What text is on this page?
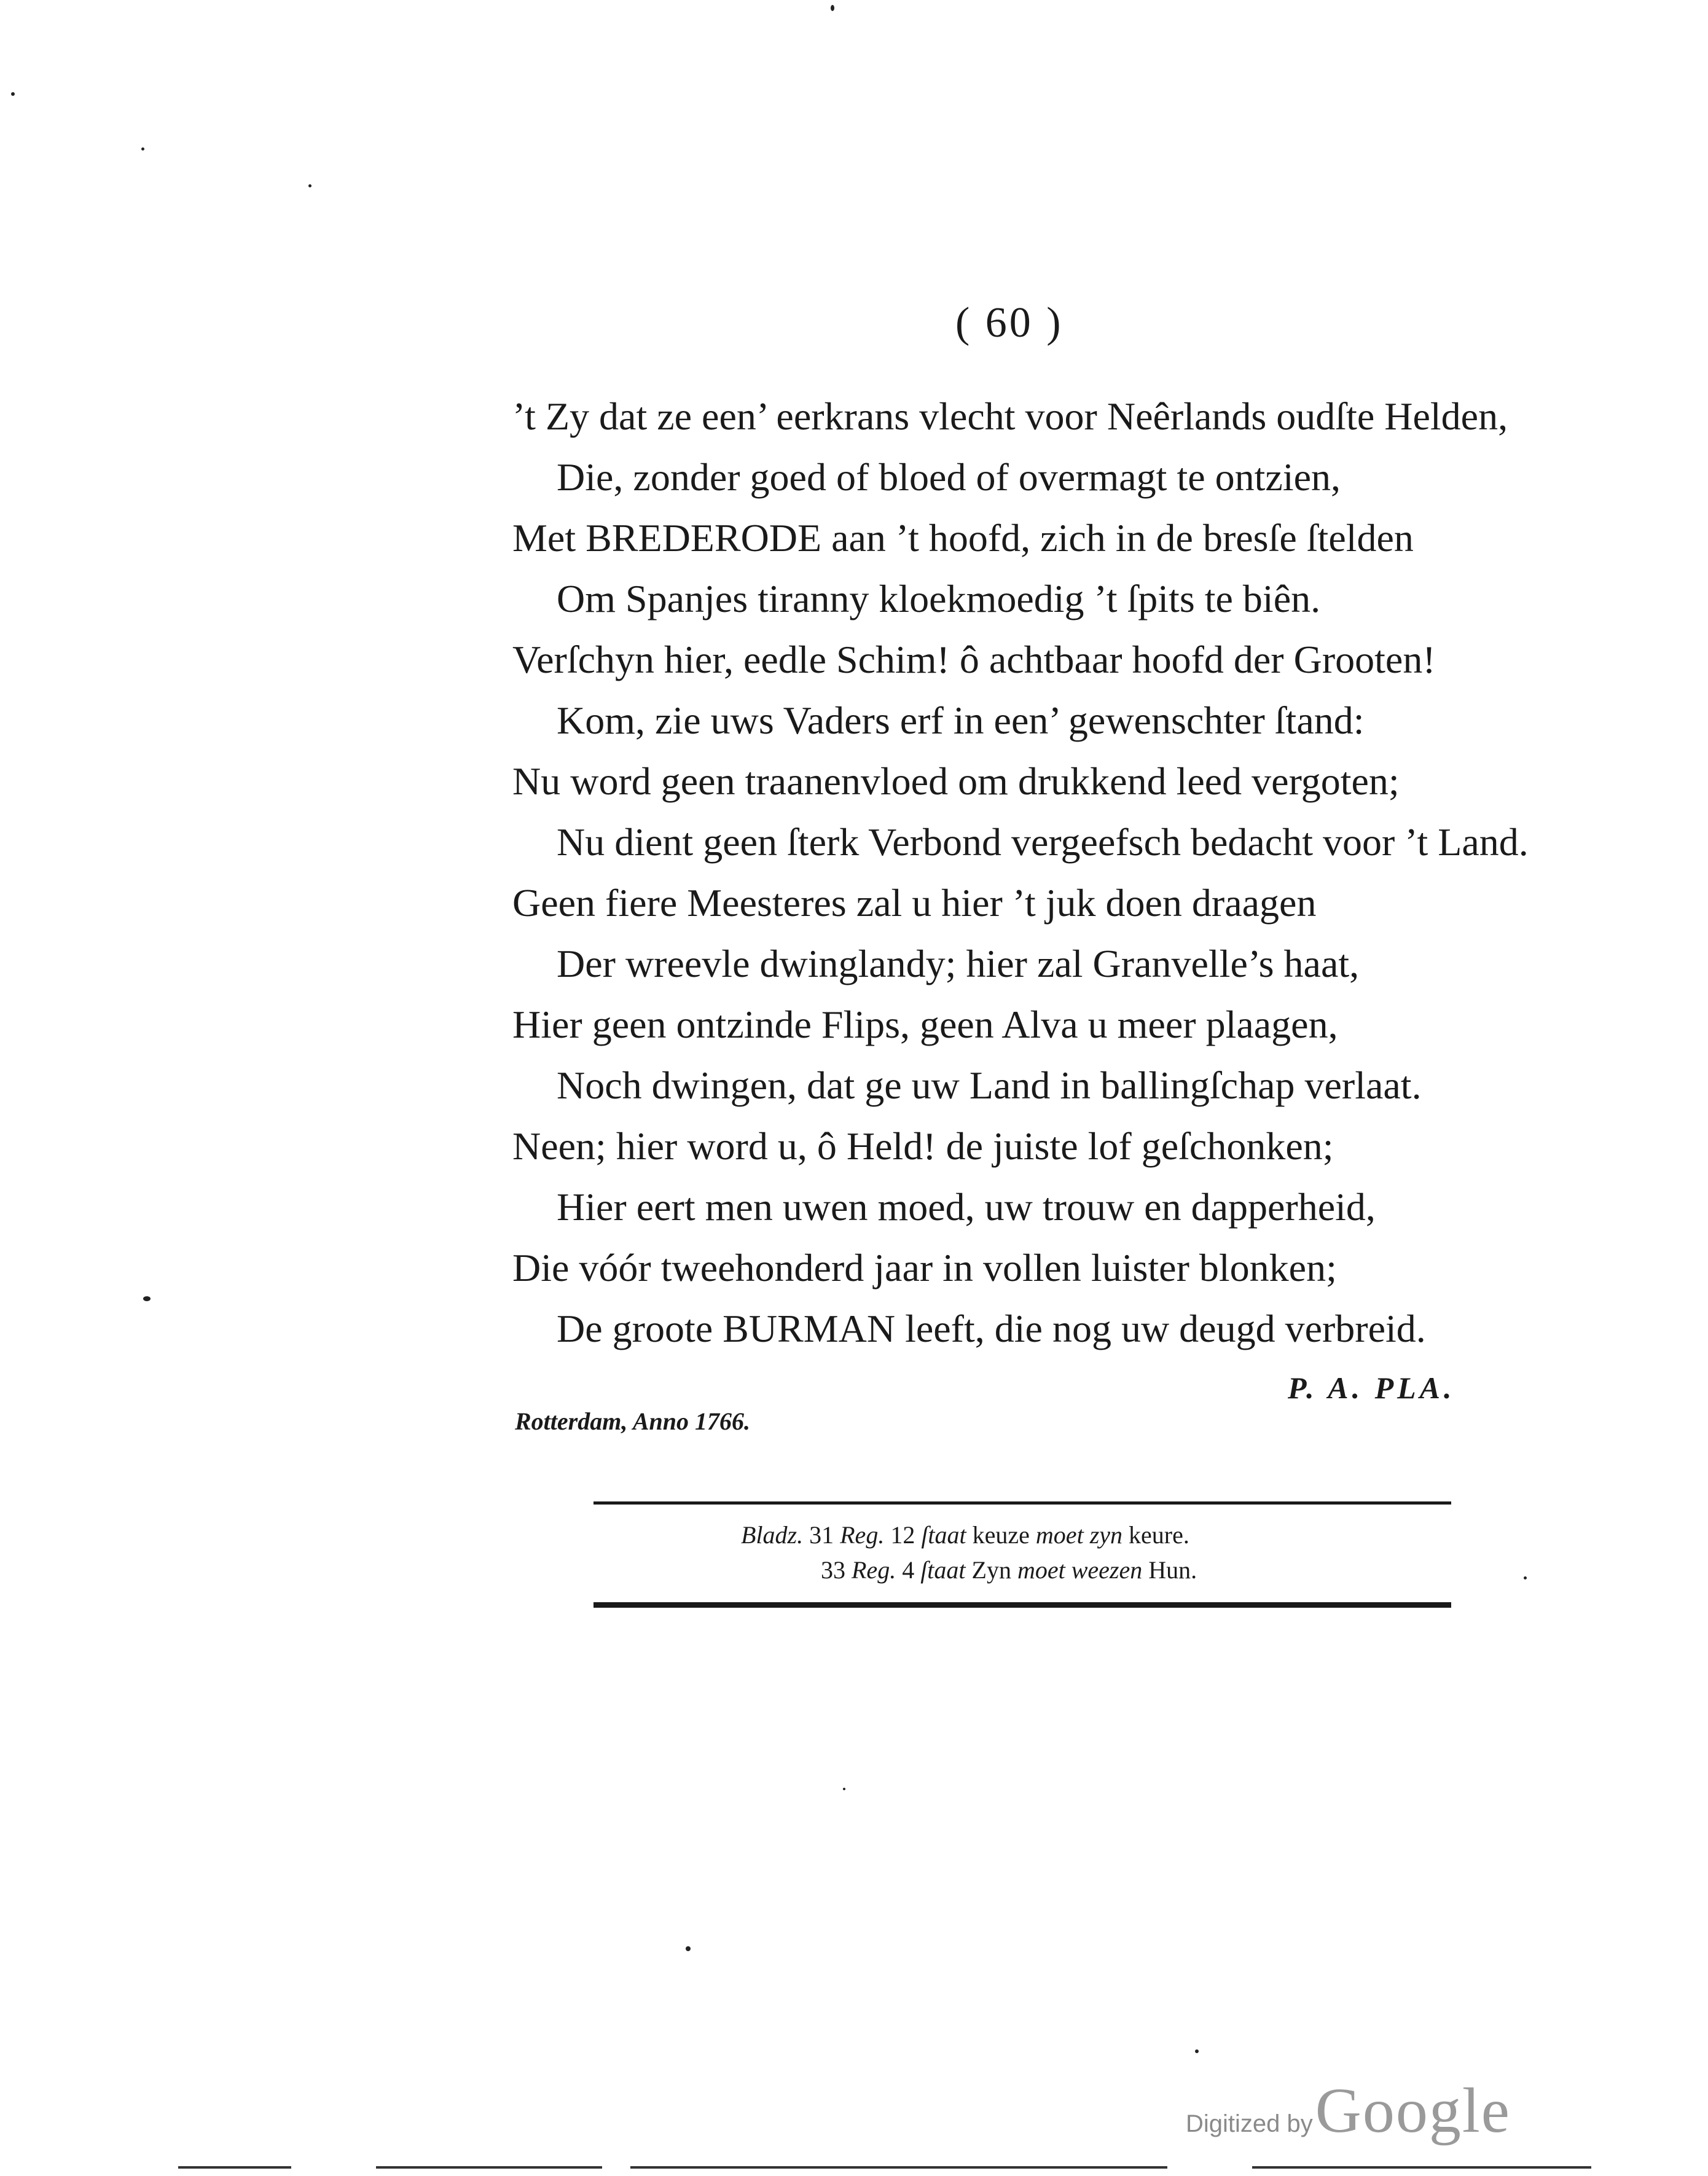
( 60 )
’t Zy dat ze een’ eerkrans vlecht voor Neêrlands oudſte Helden,
Die, zonder goed of bloed of overmagt te ontzien,
Met BREDERODE aan ’t hoofd, zich in de bresſe ſtelden
Om Spanjes tiranny kloekmoedig ’t ſpits te biên.
Verſchyn hier, eedle Schim! ô achtbaar hoofd der Grooten!
Kom, zie uws Vaders erf in een’ gewenschter ſtand:
Nu word geen traanenvloed om drukkend leed vergoten;
Nu dient geen ſterk Verbond vergeefsch bedacht voor ’t Land.
Geen fiere Meesteres zal u hier ’t juk doen draagen
Der wreevle dwinglandy; hier zal Granvelle’s haat,
Hier geen ontzinde Flips, geen Alva u meer plaagen,
Noch dwingen, dat ge uw Land in ballingſchap verlaat.
Neen; hier word u, ô Held! de juiste lof geſchonken;
Hier eert men uwen moed, uw trouw en dapperheid,
Die vóór tweehonderd jaar in vollen luister blonken;
De groote BURMAN leeft, die nog uw deugd verbreid.
P. A. PLA.
Rotterdam, Anno 1766.
Bladz. 31 Reg. 12 ſtaat keuze moet zyn keure.
33 Reg. 4 ſtaat Zyn moet weezen Hun.
Digitized by Google
